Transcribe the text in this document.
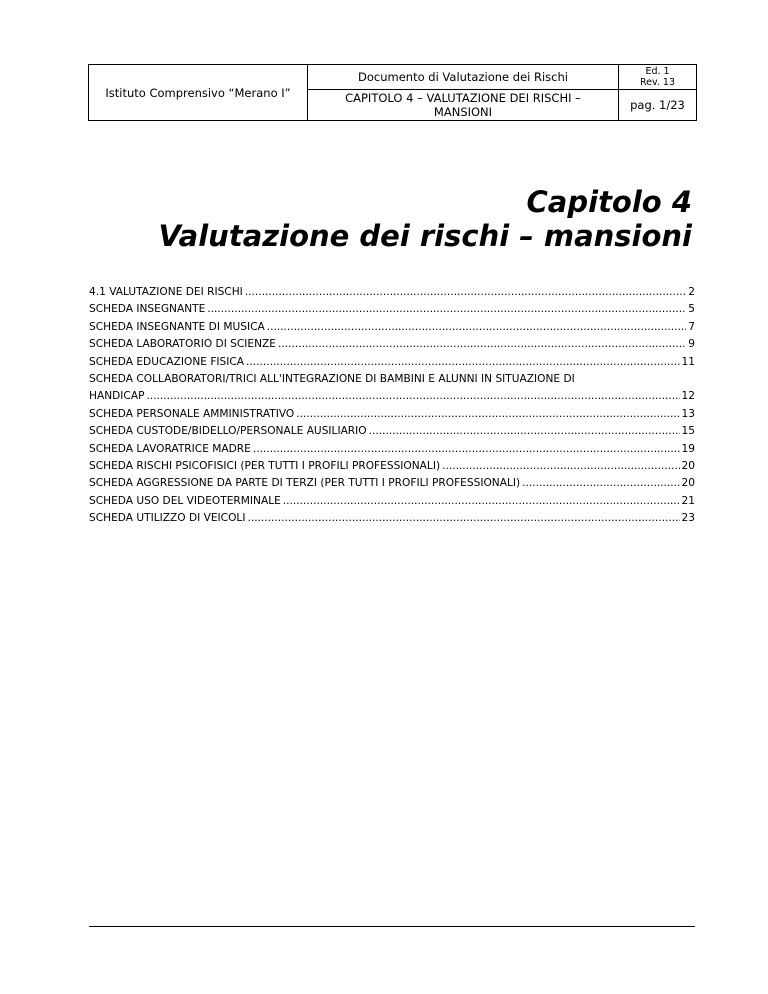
Istituto Comprensivo “Merano I”	Documento di Valutazione dei Rischi	Ed. 1
Rev. 13

	CAPITOLO 4 – VALUTAZIONE DEI RISCHI –
MANSIONI	pag. 1/23
Capitolo 4
Valutazione dei rischi – mansioni
4.1 VALUTAZIONE DEI RISCHI .....	2
SCHEDA INSEGNANTE .....	5
SCHEDA INSEGNANTE DI MUSICA .....	7
SCHEDA LABORATORIO DI SCIENZE .....	9
SCHEDA EDUCAZIONE FISICA .....	11
SCHEDA COLLABORATORI/TRICI ALL'INTEGRAZIONE DI BAMBINI E ALUNNI IN SITUAZIONE DI
HANDICAP .....	12
SCHEDA PERSONALE AMMINISTRATIVO .....	13
SCHEDA CUSTODE/BIDELLO/PERSONALE AUSILIARIO .....	15
SCHEDA LAVORATRICE MADRE .....	19
SCHEDA RISCHI PSICOFISICI (PER TUTTI I PROFILI PROFESSIONALI) .....	20
SCHEDA AGGRESSIONE DA PARTE DI TERZI (PER TUTTI I PROFILI PROFESSIONALI) .....	20
SCHEDA USO DEL VIDEOTERMINALE .....	21
SCHEDA UTILIZZO DI VEICOLI .....	23
